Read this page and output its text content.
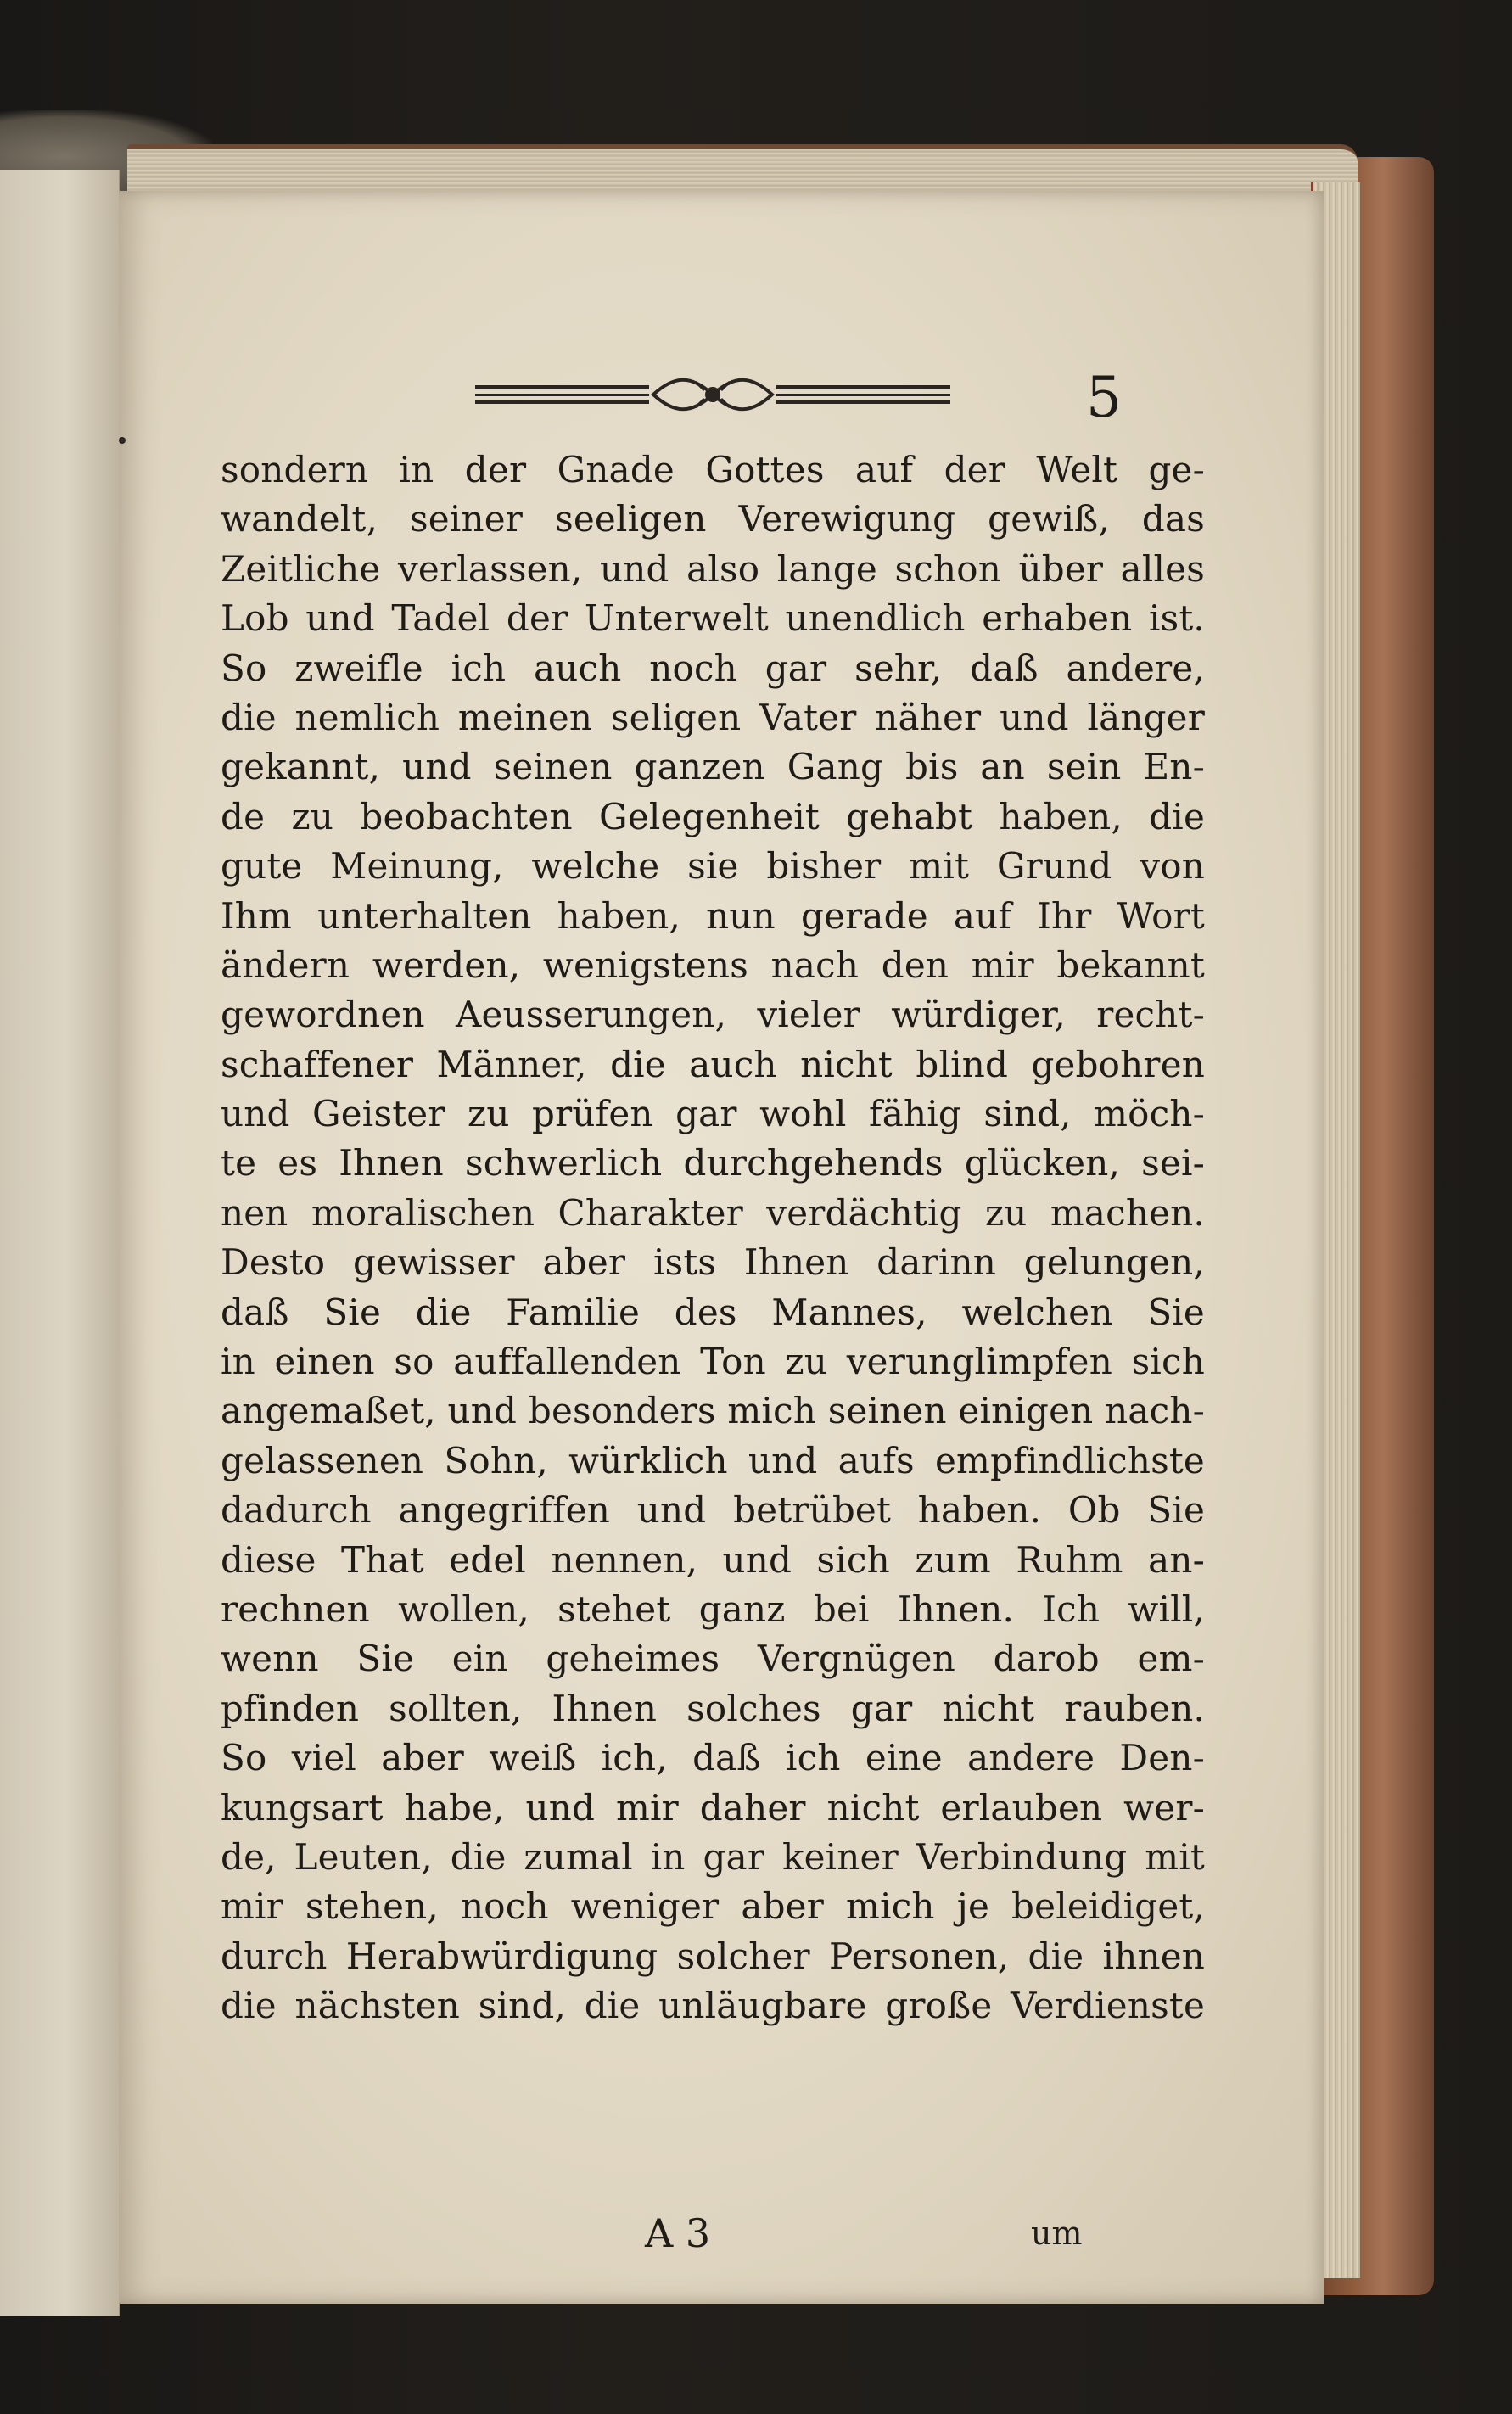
5
sondern in der Gnade Gottes auf der Welt ge-
wandelt, seiner seeligen Verewigung gewiß, das
Zeitliche verlassen, und also lange schon über alles
Lob und Tadel der Unterwelt unendlich erhaben ist.
So zweifle ich auch noch gar sehr, daß andere,
die nemlich meinen seligen Vater näher und länger
gekannt, und seinen ganzen Gang bis an sein En-
de zu beobachten Gelegenheit gehabt haben, die
gute Meinung, welche sie bisher mit Grund von
Ihm unterhalten haben, nun gerade auf Ihr Wort
ändern werden, wenigstens nach den mir bekannt
gewordnen Aeusserungen, vieler würdiger, recht-
schaffener Männer, die auch nicht blind gebohren
und Geister zu prüfen gar wohl fähig sind, möch-
te es Ihnen schwerlich durchgehends glücken, sei-
nen moralischen Charakter verdächtig zu machen.
Desto gewisser aber ists Ihnen darinn gelungen,
daß Sie die Familie des Mannes, welchen Sie
in einen so auffallenden Ton zu verunglimpfen sich
angemaßet, und besonders mich seinen einigen nach-
gelassenen Sohn, würklich und aufs empfindlichste
dadurch angegriffen und betrübet haben. Ob Sie
diese That edel nennen, und sich zum Ruhm an-
rechnen wollen, stehet ganz bei Ihnen. Ich will,
wenn Sie ein geheimes Vergnügen darob em-
pfinden sollten, Ihnen solches gar nicht rauben.
So viel aber weiß ich, daß ich eine andere Den-
kungsart habe, und mir daher nicht erlauben wer-
de, Leuten, die zumal in gar keiner Verbindung mit
mir stehen, noch weniger aber mich je beleidiget,
durch Herabwürdigung solcher Personen, die ihnen
die nächsten sind, die unläugbare große Verdienste
A 3	um
